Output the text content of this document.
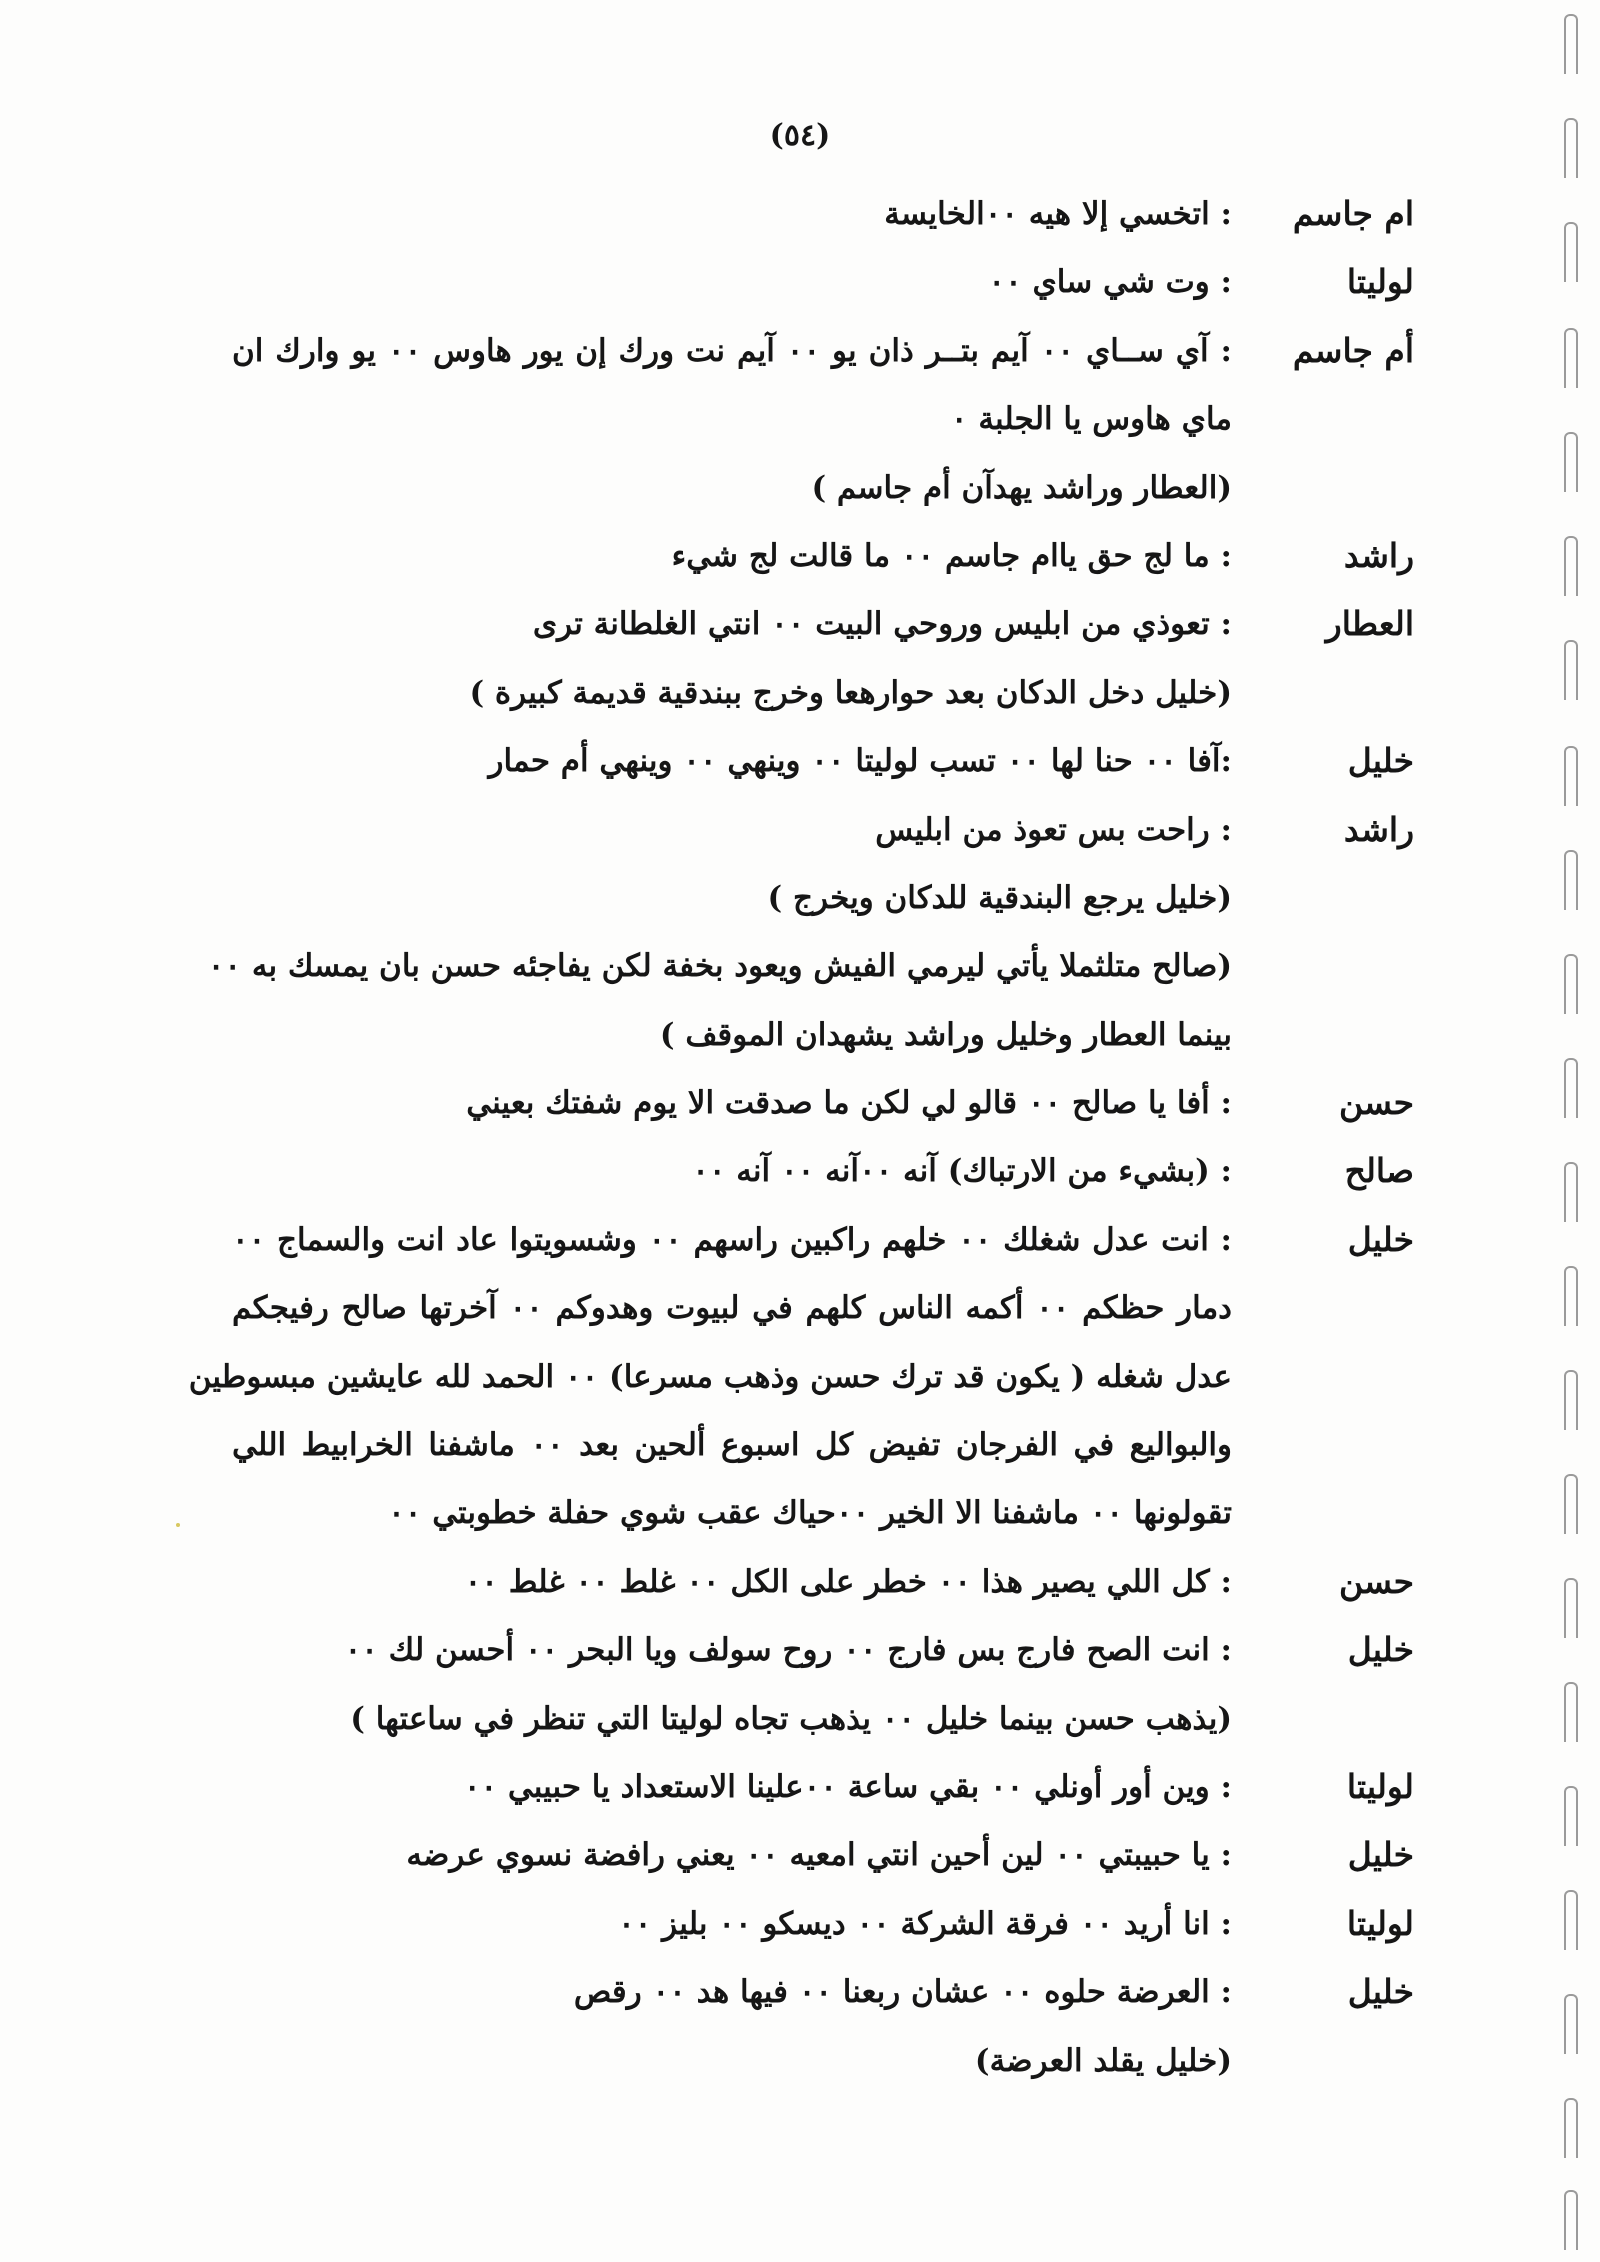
(٥٤)
ام جاسم
: اتخسي إلا هيه ٠٠الخايسة
لوليتا
: وت شي ساي ٠٠
أم جاسم
: آي ســاي ٠٠ آيم بتــر ذان يو ٠٠ آيم نت ورك إن يور هاوس ٠٠ يو وارك ان
ماي هاوس يا الجلبة ٠
(العطار وراشد يهدآن أم جاسم )
راشد
: ما لج حق ياام جاسم ٠٠ ما قالت لج شيء
العطار
: تعوذي من ابليس وروحي البيت ٠٠ انتي الغلطانة ترى
(خليل دخل الدكان بعد حوارهعا وخرج ببندقية قديمة كبيرة )
خليل
:آفا ٠٠ حنا لها ٠٠ تسب لوليتا ٠٠ وينهي ٠٠ وينهي أم حمار
راشد
: راحت بس تعوذ من ابليس
(خليل يرجع البندقية للدكان ويخرج )
(صالح متلثملا يأتي ليرمي الفيش ويعود بخفة لكن يفاجئه حسن بان يمسك به ٠٠
بينما العطار وخليل وراشد يشهدان الموقف )
حسن
: أفا يا صالح ٠٠ قالو لي لكن ما صدقت الا يوم شفتك بعيني
صالح
: (بشيء من الارتباك) آنه ٠٠آنه ٠٠ آنه ٠٠
خليل
: انت عدل شغلك ٠٠ خلهم راكبين راسهم ٠٠ وشسويتوا عاد انت والسماج ٠٠
دمار حظكم ٠٠ أكمه الناس كلهم في لبيوت وهدوكم ٠٠ آخرتها صالح رفيجكم
عدل شغله ( يكون قد ترك حسن وذهب مسرعا) ٠٠ الحمد لله عايشين مبسوطين
والبواليع في الفرجان تفيض كل اسبوع ألحين بعد ٠٠ ماشفنا الخرابيط اللي
تقولونها ٠٠ ماشفنا الا الخير ٠٠حياك عقب شوي حفلة خطوبتي ٠٠
حسن
: كل اللي يصير هذا ٠٠ خطر على الكل ٠٠ غلط ٠٠ غلط ٠٠
خليل
: انت الصح فارج بس فارج ٠٠ روح سولف ويا البحر ٠٠ أحسن لك ٠٠
(يذهب حسن بينما خليل ٠٠ يذهب تجاه لوليتا التي تنظر في ساعتها )
لوليتا
: وين أور أونلي ٠٠ بقي ساعة ٠٠علينا الاستعداد يا حبيبي ٠٠
خليل
: يا حبيبتي ٠٠ لين أحين انتي امعيه ٠٠ يعني رافضة نسوي عرضه
لوليتا
: انا أريد ٠٠ فرقة الشركة ٠٠ ديسكو ٠٠ بليز ٠٠
خليل
: العرضة حلوه ٠٠ عشان ربعنا ٠٠ فيها هد ٠٠ رقص
(خليل يقلد العرضة)
